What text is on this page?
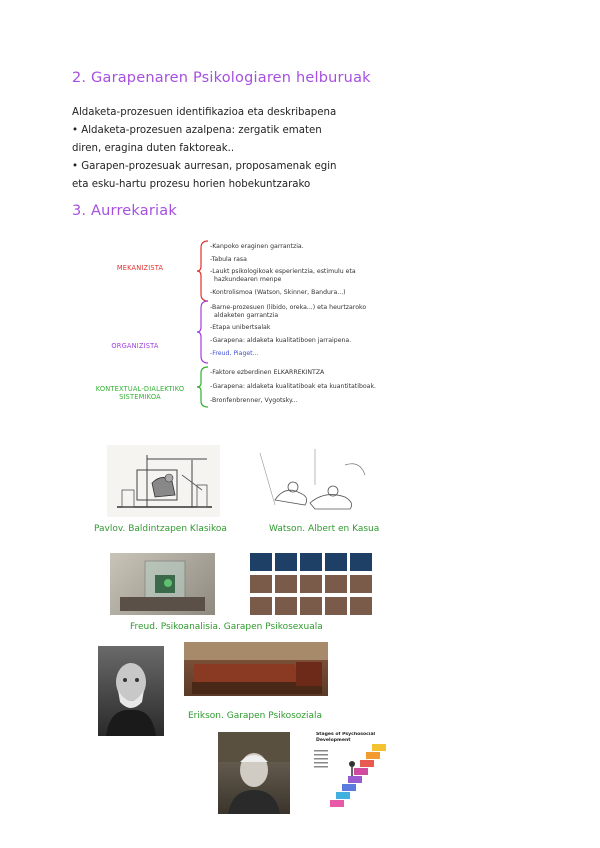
2. Garapenaren Psikologiaren helburuak
Aldaketa-prozesuen identifikazioa eta deskribapena
• Aldaketa-prozesuen azalpena: zergatik ematen
diren, eragina duten faktoreak..
• Garapen-prozesuak aurresan, proposamenak egin
eta esku-hartu prozesu horien hobekuntzarako
3. Aurrekariak
MEKANIZISTA
-Kanpoko eraginen garrantzia.
-Tabula rasa
-Laukt psikologikoak esperientzia, estimulu eta
hazkundearen menpe
-Kontrolismoa (Watson, Skinner, Bandura...)
ORGANIZISTA
-Barne-prozesuen (libido, oreka...) eta heurtzaroko
aldaketen garrantzia
-Etapa unibertsalak
-Garapena: aldaketa kualitatiboen jarraipena.
-Freud, Piaget...
KONTEXTUAL-DIALEKTIKO
SISTEMIKOA
-Faktore ezberdinen ELKARREKINTZA
-Garapena: aldaketa kualitatiboak eta kuantitatiboak.
-Bronfenbrenner, Vygotsky...
Pavlov. Baldintzapen Klasikoa	Watson. Albert en Kasua
Freud. Psikoanalisia. Garapen Psikosexuala
Erikson. Garapen Psikosoziala
Stages of Psychosocial
Development
